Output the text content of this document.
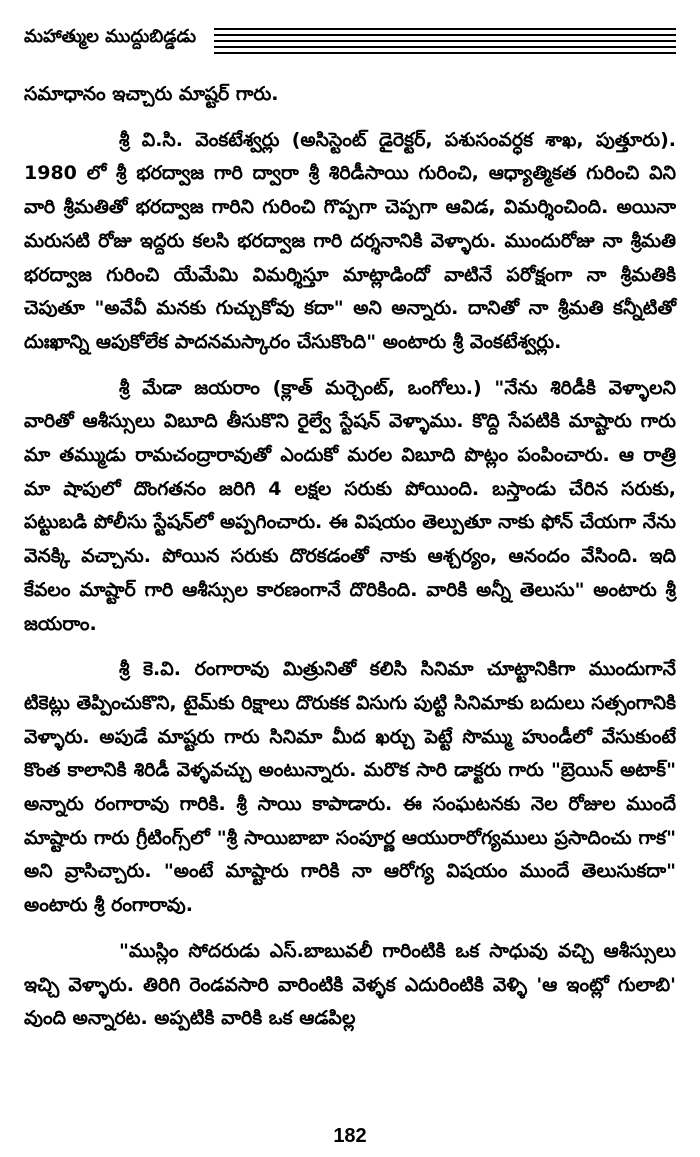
మహాత్ముల ముద్దుబిడ్డడు

సమాధానం ఇచ్చారు మాష్టర్ గారు.

శ్రీ వి.సి. వెంకటేశ్వర్లు (అసిస్టెంట్ డైరెక్టర్, పశుసంవర్ధక శాఖ, పుత్తూరు). 1980 లో శ్రీ భరద్వాజ గారి ద్వారా శ్రీ శిరిడీసాయి గురించి, ఆధ్యాత్మికత గురించి విని వారి శ్రీమతితో భరద్వాజ గారిని గురించి గొప్పగా చెప్పగా ఆవిడ, విమర్శించింది. అయినా మరుసటి రోజు ఇద్దరు కలసి భరద్వాజ గారి దర్శనానికి వెళ్ళారు. ముందురోజు నా శ్రీమతి భరద్వాజ గురించి యేమేమి విమర్శిస్తూ మాట్లాడిందో వాటినే పరోక్షంగా నా శ్రీమతికి చెపుతూ "అవేవీ మనకు గుచ్చుకోవు కదా" అని అన్నారు. దానితో నా శ్రీమతి కన్నీటితో దుఃఖాన్ని ఆపుకోలేక పాదనమస్కారం చేసుకొంది" అంటారు శ్రీ వెంకటేశ్వర్లు.

శ్రీ మేడా జయరాం (క్లాత్ మర్చెంట్, ఒంగోలు.) "నేను శిరిడీకి వెళ్ళాలని వారితో ఆశీస్సులు విబూది తీసుకొని రైల్వే స్టేషన్ వెళ్ళాము. కొద్ది సేపటికి మాష్టారు గారు మా తమ్ముడు రామచంద్రారావుతో ఎందుకో మరల విబూది పొట్లం పంపించారు. ఆ రాత్రి మా షాపులో దొంగతనం జరిగి 4 లక్షల సరుకు పోయింది. బస్తాండు చేరిన సరుకు, పట్టుబడి పోలీసు స్టేషన్‌లో అప్పగించారు. ఈ విషయం తెల్పుతూ నాకు ఫోన్ చేయగా నేను వెనక్కి వచ్చాను. పోయిన సరుకు దొరకడంతో నాకు ఆశ్చర్యం, ఆనందం వేసింది. ఇది కేవలం మాష్టార్ గారి ఆశీస్సుల కారణంగానే దొరికింది. వారికి అన్నీ తెలుసు" అంటారు శ్రీ జయరాం.

శ్రీ కె.వి. రంగారావు మిత్రునితో కలిసి సినిమా చూట్టానికిగా ముందుగానే టికెట్లు తెప్పించుకొని, టైమ్‌కు రిక్షాలు దొరుకక విసుగు పుట్టి సినిమాకు బదులు సత్సంగానికి వెళ్ళారు. అపుడే మాష్టరు గారు సినిమా మీద ఖర్చు పెట్టే సొమ్ము హుండీలో వేసుకుంటే కొంత కాలానికి శిరిడీ వెళ్ళవచ్చు అంటున్నారు. మరొక సారి డాక్టరు గారు "బ్రెయిన్ అటాక్" అన్నారు రంగారావు గారికి. శ్రీ సాయి కాపాడారు. ఈ సంఘటనకు నెల రోజుల ముందే మాష్టారు గారు గ్రీటింగ్స్‌లో "శ్రీ సాయిబాబా సంపూర్ణ ఆయురారోగ్యములు ప్రసాదించు గాక" అని వ్రాసిచ్చారు. "అంటే మాష్టారు గారికి నా ఆరోగ్య విషయం ముందే తెలుసుకదా" అంటారు శ్రీ రంగారావు.

"ముస్లిం సోదరుడు ఎస్.బాబువలీ గారింటికి ఒక సాధువు వచ్చి ఆశీస్సులు ఇచ్చి వెళ్ళారు. తిరిగి రెండవసారి వారింటికి వెళ్ళక ఎదురింటికి వెళ్ళి 'ఆ ఇంట్లో గులాబి' వుంది అన్నారట. అప్పటికి వారికి ఒక ఆడపిల్ల

182
